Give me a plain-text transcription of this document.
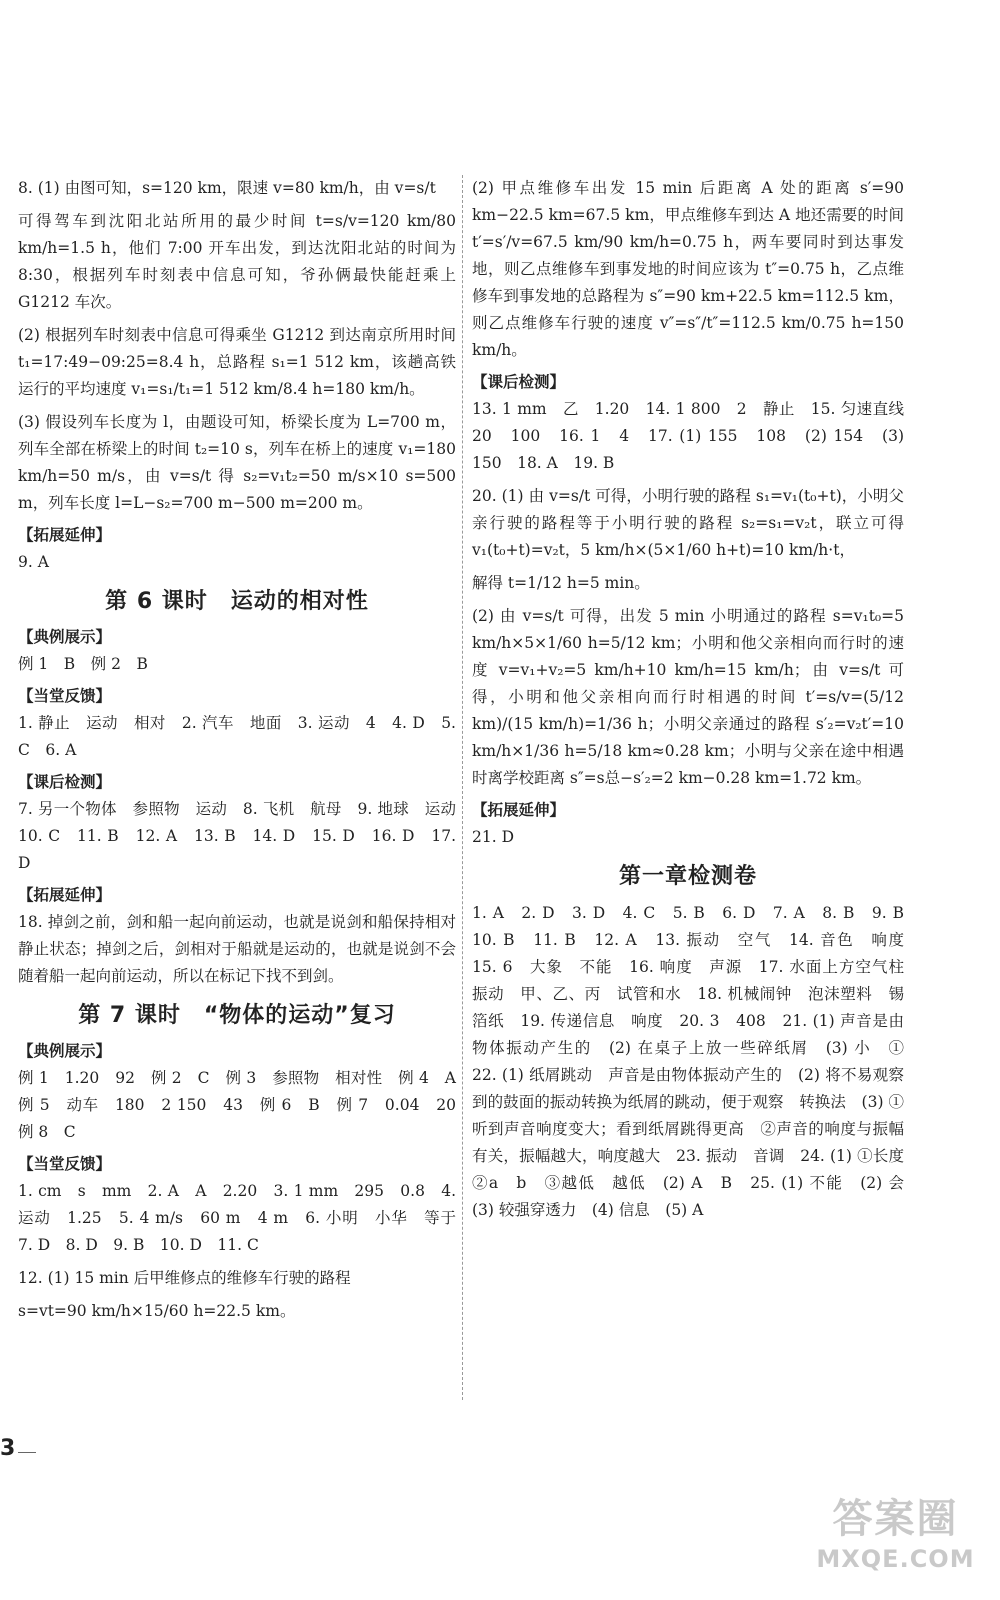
8. (1) 由图可知，s=120 km，限速 v=80 km/h，由 v=s/t

可得驾车到沈阳北站所用的最少时间 t=s/v=120 km/80 km/h=1.5 h，他们 7:00 开车出发，到达沈阳北站的时间为 8:30，根据列车时刻表中信息可知，爷孙俩最快能赶乘上 G1212 车次。

(2) 根据列车时刻表中信息可得乘坐 G1212 到达南京所用时间 t₁=17:49−09:25=8.4 h，总路程 s₁=1 512 km，该趟高铁运行的平均速度 v₁=s₁/t₁=1 512 km/8.4 h=180 km/h。

(3) 假设列车长度为 l，由题设可知，桥梁长度为 L=700 m，列车全部在桥梁上的时间 t₂=10 s，列车在桥上的速度 v₁=180 km/h=50 m/s，由 v=s/t 得 s₂=v₁t₂=50 m/s×10 s=500 m，列车长度 l=L−s₂=700 m−500 m=200 m。

【拓展延伸】

9. A

第 6 课时　运动的相对性
【典例展示】

例 1　B　例 2　B

【当堂反馈】

1. 静止　运动　相对　2. 汽车　地面　3. 运动　4　4. D　5. C　6. A

【课后检测】

7. 另一个物体　参照物　运动　8. 飞机　航母　9. 地球　运动　10. C　11. B　12. A　13. B　14. D　15. D　16. D　17. D

【拓展延伸】

18. 掉剑之前，剑和船一起向前运动，也就是说剑和船保持相对静止状态；掉剑之后，剑相对于船就是运动的，也就是说剑不会随着船一起向前运动，所以在标记下找不到剑。

第 7 课时　“物体的运动”复习
【典例展示】

例 1　1.20　92　例 2　C　例 3　参照物　相对性　例 4　A　例 5　动车　180　2 150　43　例 6　B　例 7　0.04　20　例 8　C

【当堂反馈】

1. cm　s　mm　2. A　A　2.20　3. 1 mm　295　0.8　4. 运动　1.25　5. 4 m/s　60 m　4 m　6. 小明　小华　等于　7. D　8. D　9. B　10. D　11. C

12. (1) 15 min 后甲维修点的维修车行驶的路程

s=vt=90 km/h×15/60 h=22.5 km。

(2) 甲点维修车出发 15 min 后距离 A 处的距离 s′=90 km−22.5 km=67.5 km，甲点维修车到达 A 地还需要的时间 t′=s′/v=67.5 km/90 km/h=0.75 h，两车要同时到达事发地，则乙点维修车到事发地的时间应该为 t″=0.75 h，乙点维修车到事发地的总路程为 s″=90 km+22.5 km=112.5 km，则乙点维修车行驶的速度 v″=s″/t″=112.5 km/0.75 h=150 km/h。

【课后检测】

13. 1 mm　乙　1.20　14. 1 800　2　静止　15. 匀速直线　20　100　16. 1　4　17. (1) 155　108　(2) 154　(3) 150　18. A　19. B

20. (1) 由 v=s/t 可得，小明行驶的路程 s₁=v₁(t₀+t)，小明父亲行驶的路程等于小明行驶的路程 s₂=s₁=v₂t，联立可得 v₁(t₀+t)=v₂t，5 km/h×(5×1/60 h+t)=10 km/h·t，

解得 t=1/12 h=5 min。

(2) 由 v=s/t 可得，出发 5 min 小明通过的路程 s=v₁t₀=5 km/h×5×1/60 h=5/12 km；小明和他父亲相向而行时的速度 v=v₁+v₂=5 km/h+10 km/h=15 km/h；由 v=s/t 可得，小明和他父亲相向而行时相遇的时间 t′=s/v=(5/12 km)/(15 km/h)=1/36 h；小明父亲通过的路程 s′₂=v₂t′=10 km/h×1/36 h=5/18 km≈0.28 km；小明与父亲在途中相遇时离学校距离 s″=s总−s′₂=2 km−0.28 km=1.72 km。

【拓展延伸】

21. D

第一章检测卷

1. A　2. D　3. D　4. C　5. B　6. D　7. A　8. B　9. B　10. B　11. B　12. A　13. 振动　空气　14. 音色　响度　15. 6　大象　不能　16. 响度　声源　17. 水面上方空气柱　振动　甲、乙、丙　试管和水　18. 机械闹钟　泡沫塑料　锡箔纸　19. 传递信息　响度　20. 3　408　21. (1) 声音是由物体振动产生的　(2) 在桌子上放一些碎纸屑　(3) 小　①　22. (1) 纸屑跳动　声音是由物体振动产生的　(2) 将不易观察到的鼓面的振动转换为纸屑的跳动，便于观察　转换法　(3) ①听到声音响度变大；看到纸屑跳得更高　②声音的响度与振幅有关，振幅越大，响度越大　23. 振动　音调　24. (1) ①长度　②a　b　③越低　越低　(2) A　B　25. (1) 不能　(2) 会　(3) 较强穿透力　(4) 信息　(5) A

3
答案圈
MXQE.COM
